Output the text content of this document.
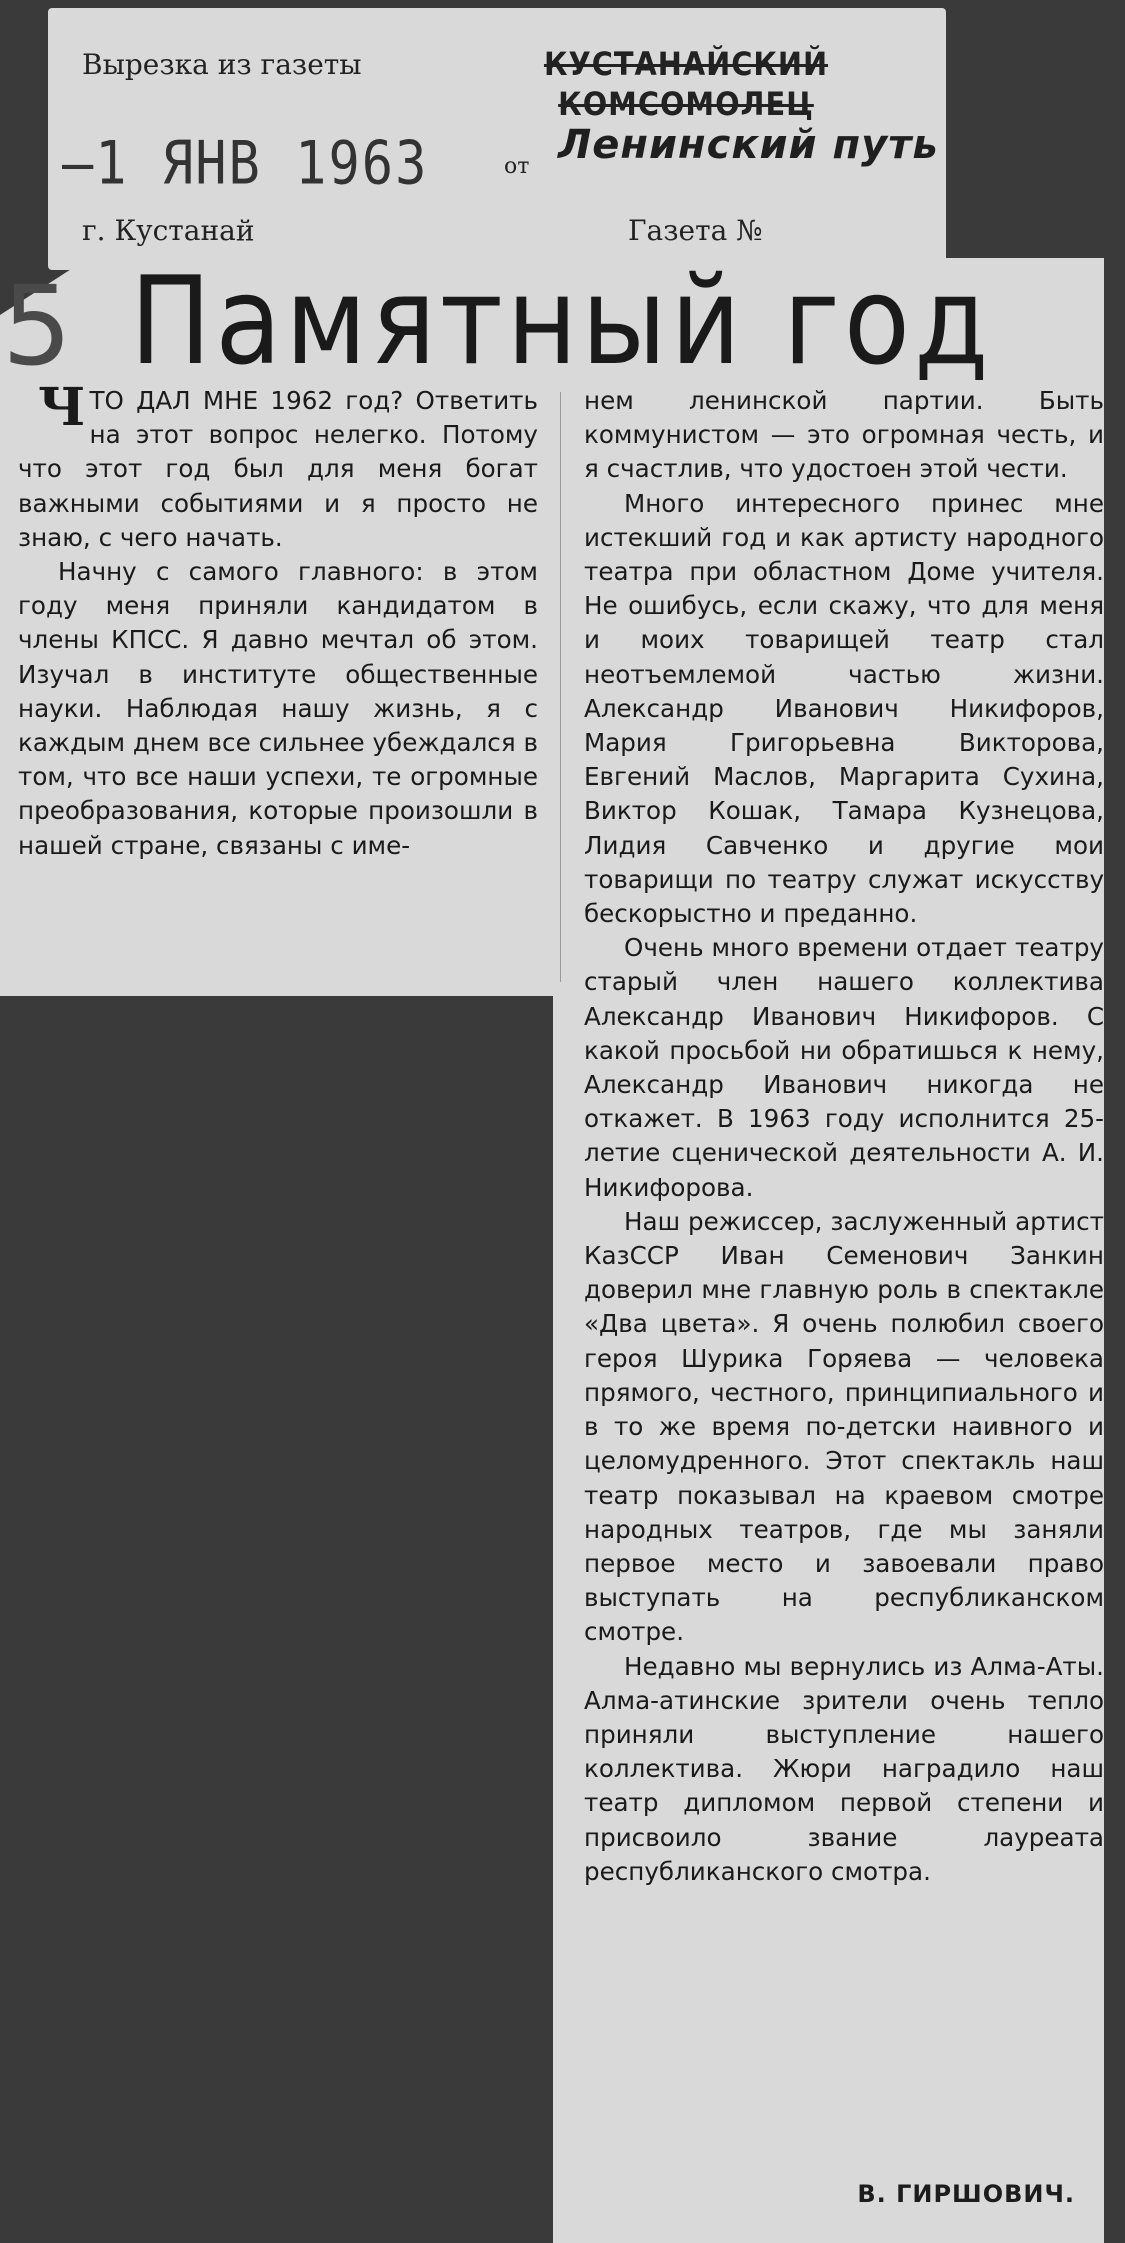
Вырезка из газеты	КУСТАНАЙСКИЙ
КОМСОМОЛЕЦ
—1 ЯНВ 1963	от Ленинский путь
г. Кустанай	Газета №
5 Памятный год

ЧТО ДАЛ МНЕ 1962 год? Ответить на этот вопрос нелегко. Потому что этот год был для меня богат важными событиями и я просто не знаю, с чего начать.

Начну с самого главного: в этом году меня приняли кандидатом в члены КПСС. Я давно мечтал об этом. Изучал в институте общественные науки. Наблюдая нашу жизнь, я с каждым днем все сильнее убеждался в том, что все наши успехи, те огромные преобразования, которые произошли в нашей стране, связаны с име-

нем ленинской партии. Быть коммунистом — это огромная честь, и я счастлив, что удостоен этой чести.

Много интересного принес мне истекший год и как артисту народного театра при областном Доме учителя. Не ошибусь, если скажу, что для меня и моих товарищей театр стал неотъемлемой частью жизни. Александр Иванович Никифоров, Мария Григорьевна Викторова, Евгений Маслов, Маргарита Сухина, Виктор Кошак, Тамара Кузнецова, Лидия Савченко и другие мои товарищи по театру служат искусству бескорыстно и преданно.

Очень много времени отдает театру старый член нашего коллектива Александр Иванович Никифоров. С какой просьбой ни обратишься к нему, Александр Иванович никогда не откажет. В 1963 году исполнится 25-летие сценической деятельности А. И. Никифорова.

Наш режиссер, заслуженный артист КазССР Иван Семенович Занкин доверил мне главную роль в спектакле «Два цвета». Я очень полюбил своего героя Шурика Горяева — человека прямого, честного, принципиального и в то же время по-детски наивного и целомудренного. Этот спектакль наш театр показывал на краевом смотре народных театров, где мы заняли первое место и завоевали право выступать на республиканском смотре.

Недавно мы вернулись из Алма-Аты. Алма-атинские зрители очень тепло приняли выступление нашего коллектива. Жюри наградило наш театр дипломом первой степени и присвоило звание лауреата республиканского смотра.

В. ГИРШОВИЧ.
